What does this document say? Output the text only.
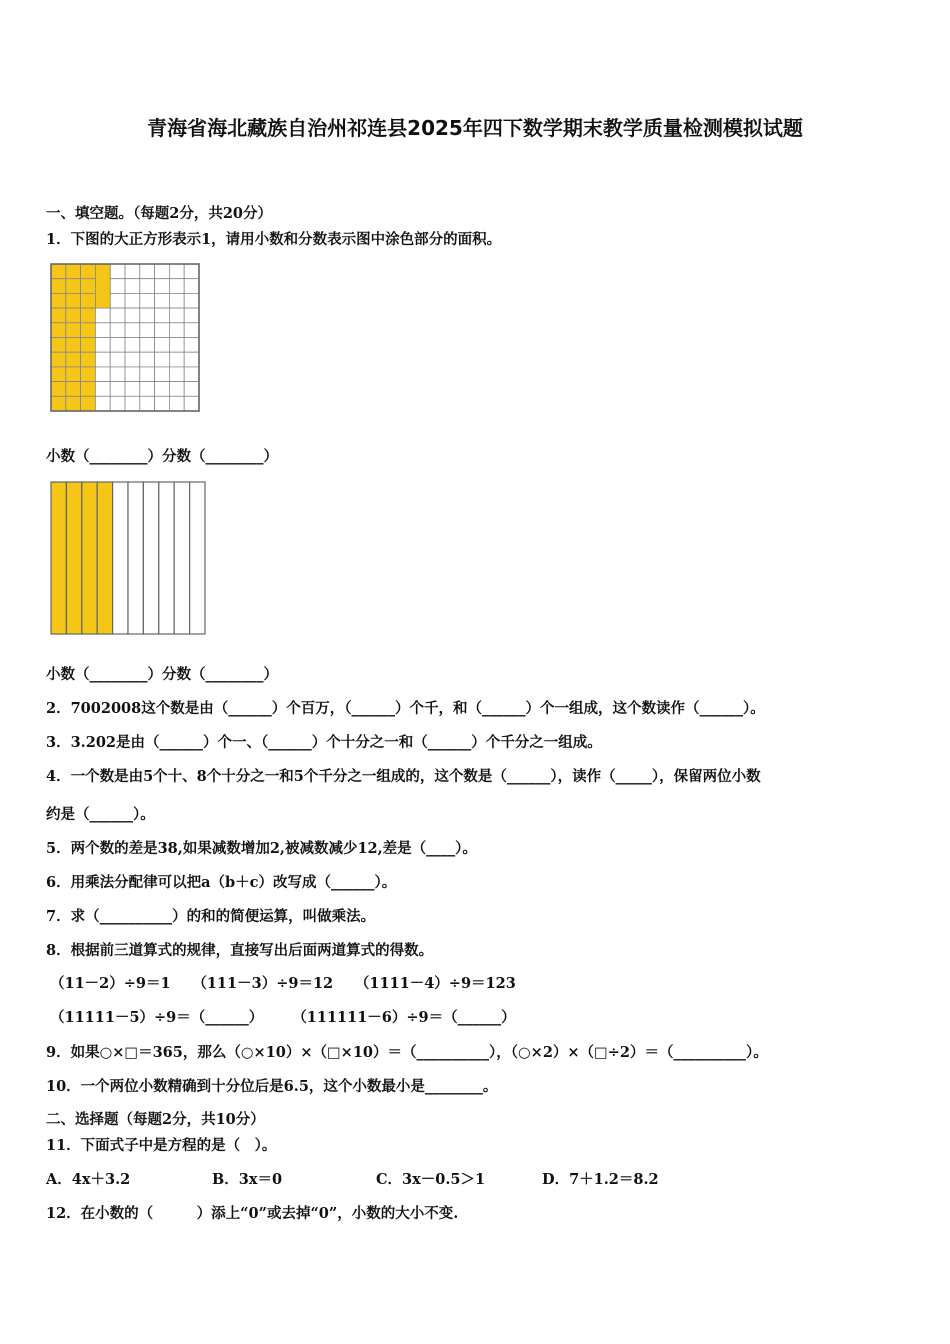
青海省海北藏族自治州祁连县2025年四下数学期末教学质量检测模拟试题
一、填空题。（每题2分，共20分）
1．下图的大正方形表示1，请用小数和分数表示图中涂色部分的面积。
小数（________）分数（________）
小数（________）分数（________）
2．7002008这个数是由（______）个百万，（______）个千，和（______）个一组成，这个数读作（______）。
3．3.202是由（______）个一、（______）个十分之一和（______）个千分之一组成。
4．一个数是由5个十、8个十分之一和5个千分之一组成的，这个数是（______），读作（_____），保留两位小数
约是（______）。
5．两个数的差是38,如果减数增加2,被减数减少12,差是（____）。
6．用乘法分配律可以把a（b＋c）改写成（______）。
7．求（__________）的和的简便运算，叫做乘法。
8．根据前三道算式的规律，直接写出后面两道算式的得数。
（11－2）÷9＝1　　（111－3）÷9＝12　　（1111－4）÷9＝123
（11111－5）÷9＝（______）　　　（111111－6）÷9＝（______）
9．如果○×□＝365，那么（○×10）×（□×10）＝（__________），（○×2）×（□÷2）＝（__________）。
10．一个两位小数精确到十分位后是6.5，这个小数最小是________。
二、选择题（每题2分，共10分）
11．下面式子中是方程的是（　）。
A．4x＋3.2	B．3x＝0	C．3x－0.5＞1	D．7＋1.2＝8.2
12．在小数的（　　　）添上“0”或去掉“0”，小数的大小不变.
